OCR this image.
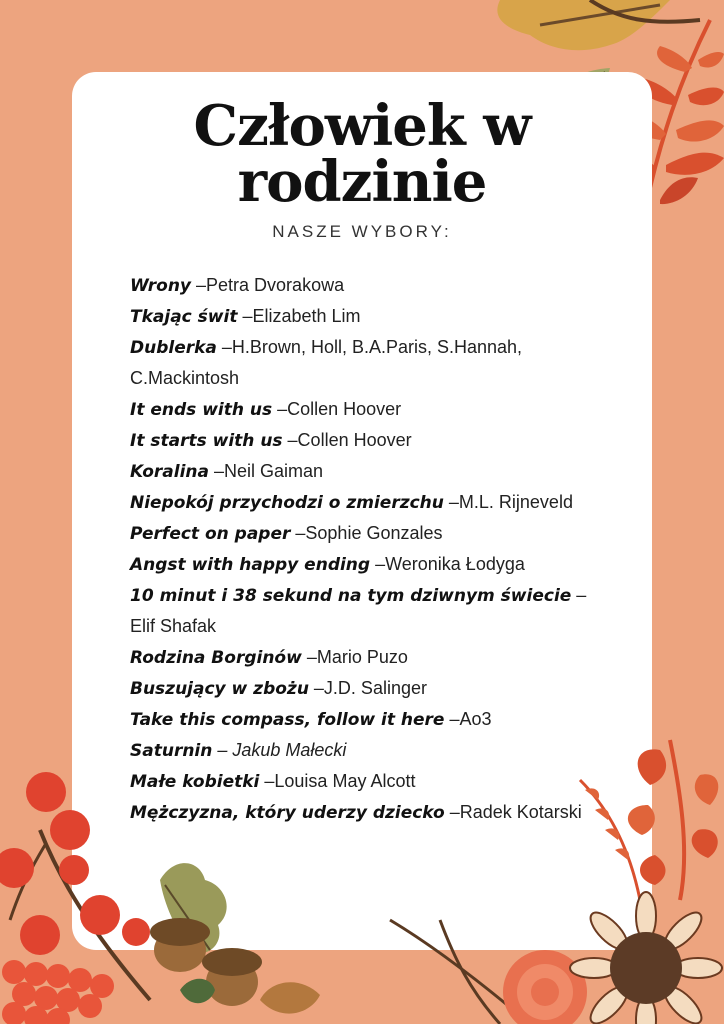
Człowiek w rodzinie
NASZE WYBORY:
Wrony –Petra Dvorakowa
Tkając świt –Elizabeth Lim
Dublerka –H.Brown, Holl, B.A.Paris, S.Hannah, C.Mackintosh
It ends with us –Collen Hoover
It starts with us –Collen Hoover
Koralina –Neil Gaiman
Niepokój przychodzi o zmierzchu –M.L. Rijneveld
Perfect on paper –Sophie Gonzales
Angst with happy ending –Weronika Łodyga
10 minut i 38 sekund na tym dziwnym świecie –Elif Shafak
Rodzina Borginów –Mario Puzo
Buszujący w zbożu –J.D. Salinger
Take this compass, follow it here –Ao3
Saturnin – Jakub Małecki
Małe kobietki –Louisa May Alcott
Mężczyzna, który uderzy dziecko –Radek Kotarski
